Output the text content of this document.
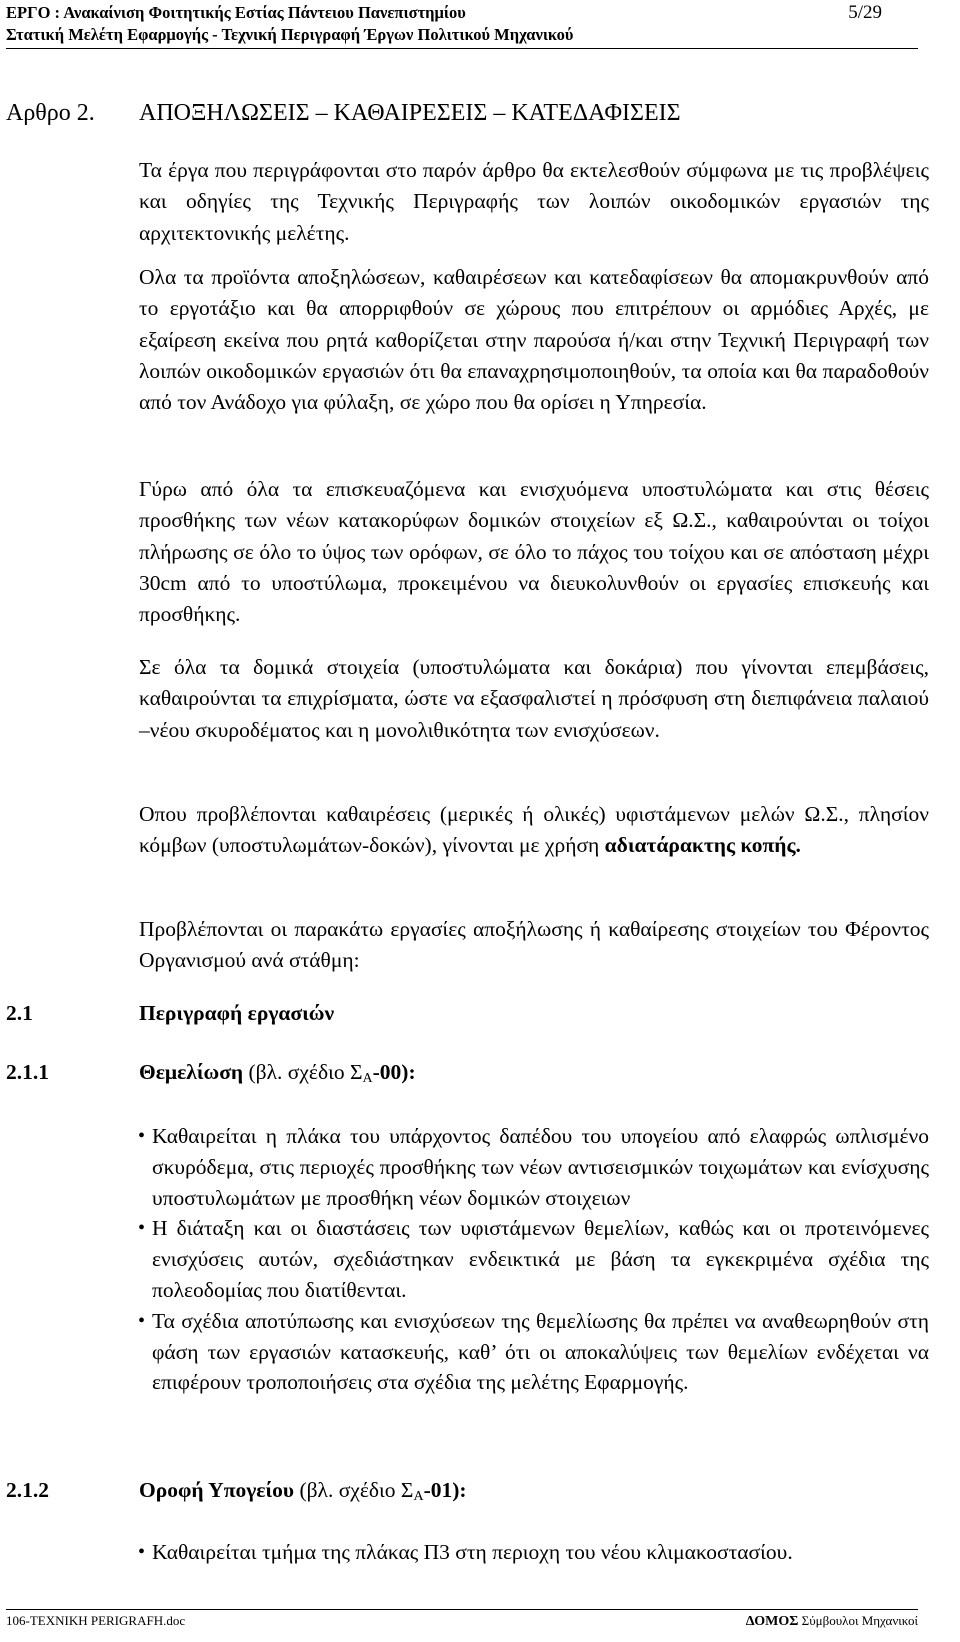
ΕΡΓΟ : Ανακαίνιση Φοιτητικής Εστίας Πάντειου Πανεπιστημίου	5/29
Στατική Μελέτη Εφαρμογής - Τεχνική Περιγραφή Έργων Πολιτικού Μηχανικού
Αρθρο 2. ΑΠΟΞΗΛΩΣΕΙΣ – ΚΑΘΑΙΡΕΣΕΙΣ – ΚΑΤΕΔΑΦΙΣΕΙΣ

Τα έργα που περιγράφονται στο παρόν άρθρο θα εκτελεσθούν σύμφωνα με τις προβλέψεις και οδηγίες της Τεχνικής Περιγραφής των λοιπών οικοδομικών εργασιών της αρχιτεκτονικής μελέτης.

Ολα τα προϊόντα αποξηλώσεων, καθαιρέσεων και κατεδαφίσεων θα απομακρυνθούν από το εργοτάξιο και θα απορριφθούν σε χώρους που επιτρέπουν οι αρμόδιες Αρχές, με εξαίρεση εκείνα που ρητά καθορίζεται στην παρούσα ή/και στην Τεχνική Περιγραφή των λοιπών οικοδομικών εργασιών ότι θα επαναχρησιμοποιηθούν, τα οποία και θα παραδοθούν από τον Ανάδοχο για φύλαξη, σε χώρο που θα ορίσει η Υπηρεσία.

Γύρω από όλα τα επισκευαζόμενα και ενισχυόμενα υποστυλώματα και στις θέσεις προσθήκης των νέων κατακορύφων δομικών στοιχείων εξ Ω.Σ., καθαιρούνται οι τοίχοι πλήρωσης σε όλο το ύψος των ορόφων, σε όλο το πάχος του τοίχου και σε απόσταση μέχρι 30cm από το υποστύλωμα, προκειμένου να διευκολυνθούν οι εργασίες επισκευής και προσθήκης.

Σε όλα τα δομικά στοιχεία (υποστυλώματα και δοκάρια) που γίνονται επεμβάσεις, καθαιρούνται τα επιχρίσματα, ώστε να εξασφαλιστεί η πρόσφυση στη διεπιφάνεια παλαιού –νέου σκυροδέματος και η μονολιθικότητα των ενισχύσεων.

Οπου προβλέπονται καθαιρέσεις (μερικές ή ολικές) υφιστάμενων μελών Ω.Σ., πλησίον κόμβων (υποστυλωμάτων-δοκών), γίνονται με χρήση αδιατάρακτης κοπής.

Προβλέπονται οι παρακάτω εργασίες αποξήλωσης ή καθαίρεσης στοιχείων του Φέροντος Οργανισμού ανά στάθμη:

2.1	Περιγραφή εργασιών
2.1.1	Θεμελίωση (βλ. σχέδιο $\Sigma_A-00$):
• Καθαιρείται η πλάκα του υπάρχοντος δαπέδου του υπογείου από ελαφρώς ωπλισμένο σκυρόδεμα, στις περιοχές προσθήκης των νέων αντισεισμικών τοιχωμάτων και ενίσχυσης υποστυλωμάτων με προσθήκη νέων δομικών στοιχειων
• Η διάταξη και οι διαστάσεις των υφιστάμενων θεμελίων, καθώς και οι προτεινόμενες ενισχύσεις αυτών, σχεδιάστηκαν ενδεικτικά με βάση τα εγκεκριμένα σχέδια της πολεοδομίας που διατίθενται.
• Τα σχέδια αποτύπωσης και ενισχύσεων της θεμελίωσης θα πρέπει να αναθεωρηθούν στη φάση των εργασιών κατασκευής, καθ’ ότι οι αποκαλύψεις των θεμελίων ενδέχεται να επιφέρουν τροποποιήσεις στα σχέδια της μελέτης Εφαρμογής.
2.1.2	Οροφή Υπογείου (βλ. σχέδιο $\Sigma_A-01$):
• Καθαιρείται τμήμα της πλάκας Π3 στη περιοχη του νέου κλιμακοστασίου.
106-ΤΕΧΝΙΚΗ PERIGRAFH.doc	ΔΟΜΟΣ Σύμβουλοι Μηχανικοί
